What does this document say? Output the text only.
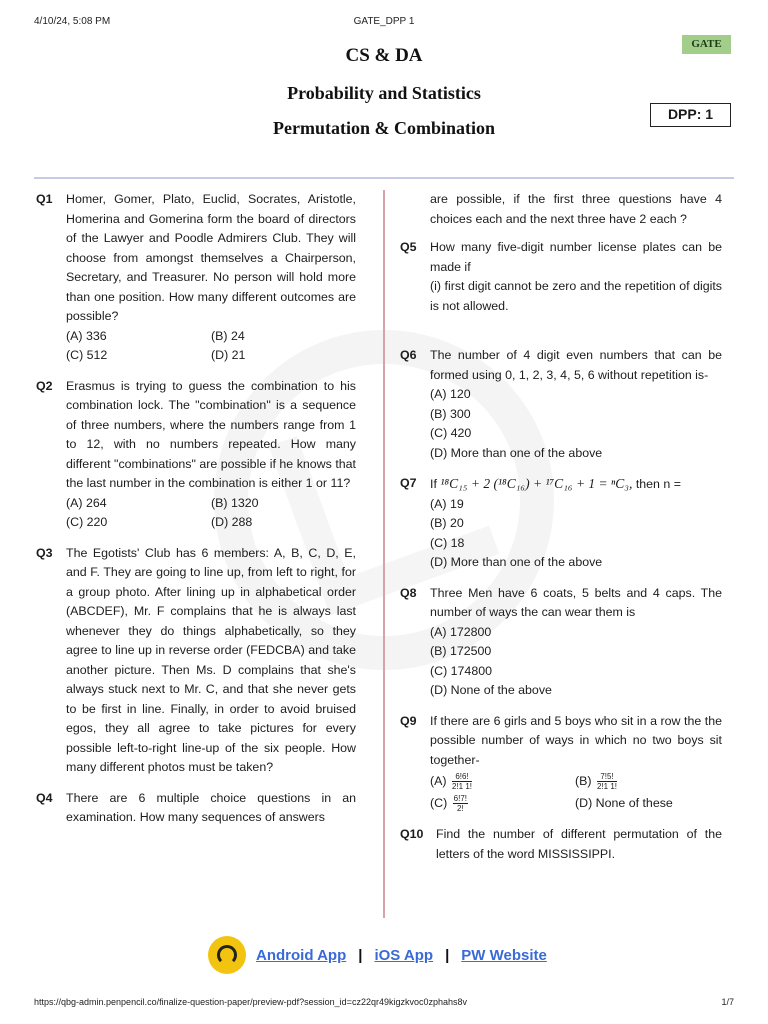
4/10/24, 5:08 PM	GATE_DPP 1
CS & DA
Probability and Statistics
Permutation & Combination
GATE
DPP: 1
Q1 Homer, Gomer, Plato, Euclid, Socrates, Aristotle, Homerina and Gomerina form the board of directors of the Lawyer and Poodle Admirers Club. They will choose from amongst themselves a Chairperson, Secretary, and Treasurer. No person will hold more than one position. How many different outcomes are possible?
(A) 336	(B) 24
(C) 512	(D) 21
Q2 Erasmus is trying to guess the combination to his combination lock. The "combination" is a sequence of three numbers, where the numbers range from 1 to 12, with no numbers repeated. How many different "combinations" are possible if he knows that the last number in the combination is either 1 or 11?
(A) 264	(B) 1320
(C) 220	(D) 288
Q3 The Egotists' Club has 6 members: A, B, C, D, E, and F. They are going to line up, from left to right, for a group photo. After lining up in alphabetical order (ABCDEF), Mr. F complains that he is always last whenever they do things alphabetically, so they agree to line up in reverse order (FEDCBA) and take another picture. Then Ms. D complains that she's always stuck next to Mr. C, and that she never gets to be first in line. Finally, in order to avoid bruised egos, they all agree to take pictures for every possible left-to-right line-up of the six people. How many different photos must be taken?
Q4 There are 6 multiple choice questions in an examination. How many sequences of answers
are possible, if the first three questions have 4 choices each and the next three have 2 each ?
Q5 How many five-digit number license plates can be made if
(i) first digit cannot be zero and the repetition of digits is not allowed.
Q6 The number of 4 digit even numbers that can be formed using 0, 1, 2, 3, 4, 5, 6 without repetition is-
(A) 120
(B) 300
(C) 420
(D) More than one of the above
Q7 If ¹⁸C₁₅ + 2 (¹⁸C₁₆) + ¹⁷C₁₆ + 1 = ⁿC₃, then n =
(A) 19
(B) 20
(C) 18
(D) More than one of the above
Q8 Three Men have 6 coats, 5 belts and 4 caps. The number of ways the can wear them is
(A) 172800
(B) 172500
(C) 174800
(D) None of the above
Q9 If there are 6 girls and 5 boys who sit in a row the the possible number of ways in which no two boys sit together-
$(A) \frac{6!6!}{2!1 1!}$	$(B) \frac{7!5!}{2!1 1!}$
$(C) \frac{6!7!}{2!}$	(D) None of these
Q10	Find the number of different permutation of the letters of the word MISSISSIPPI.
Android App | iOS App | PW Website
https://qbg-admin.penpencil.co/finalize-question-paper/preview-pdf?session_id=cz22qr49kigzkvoc0zphahs8v	1/7
